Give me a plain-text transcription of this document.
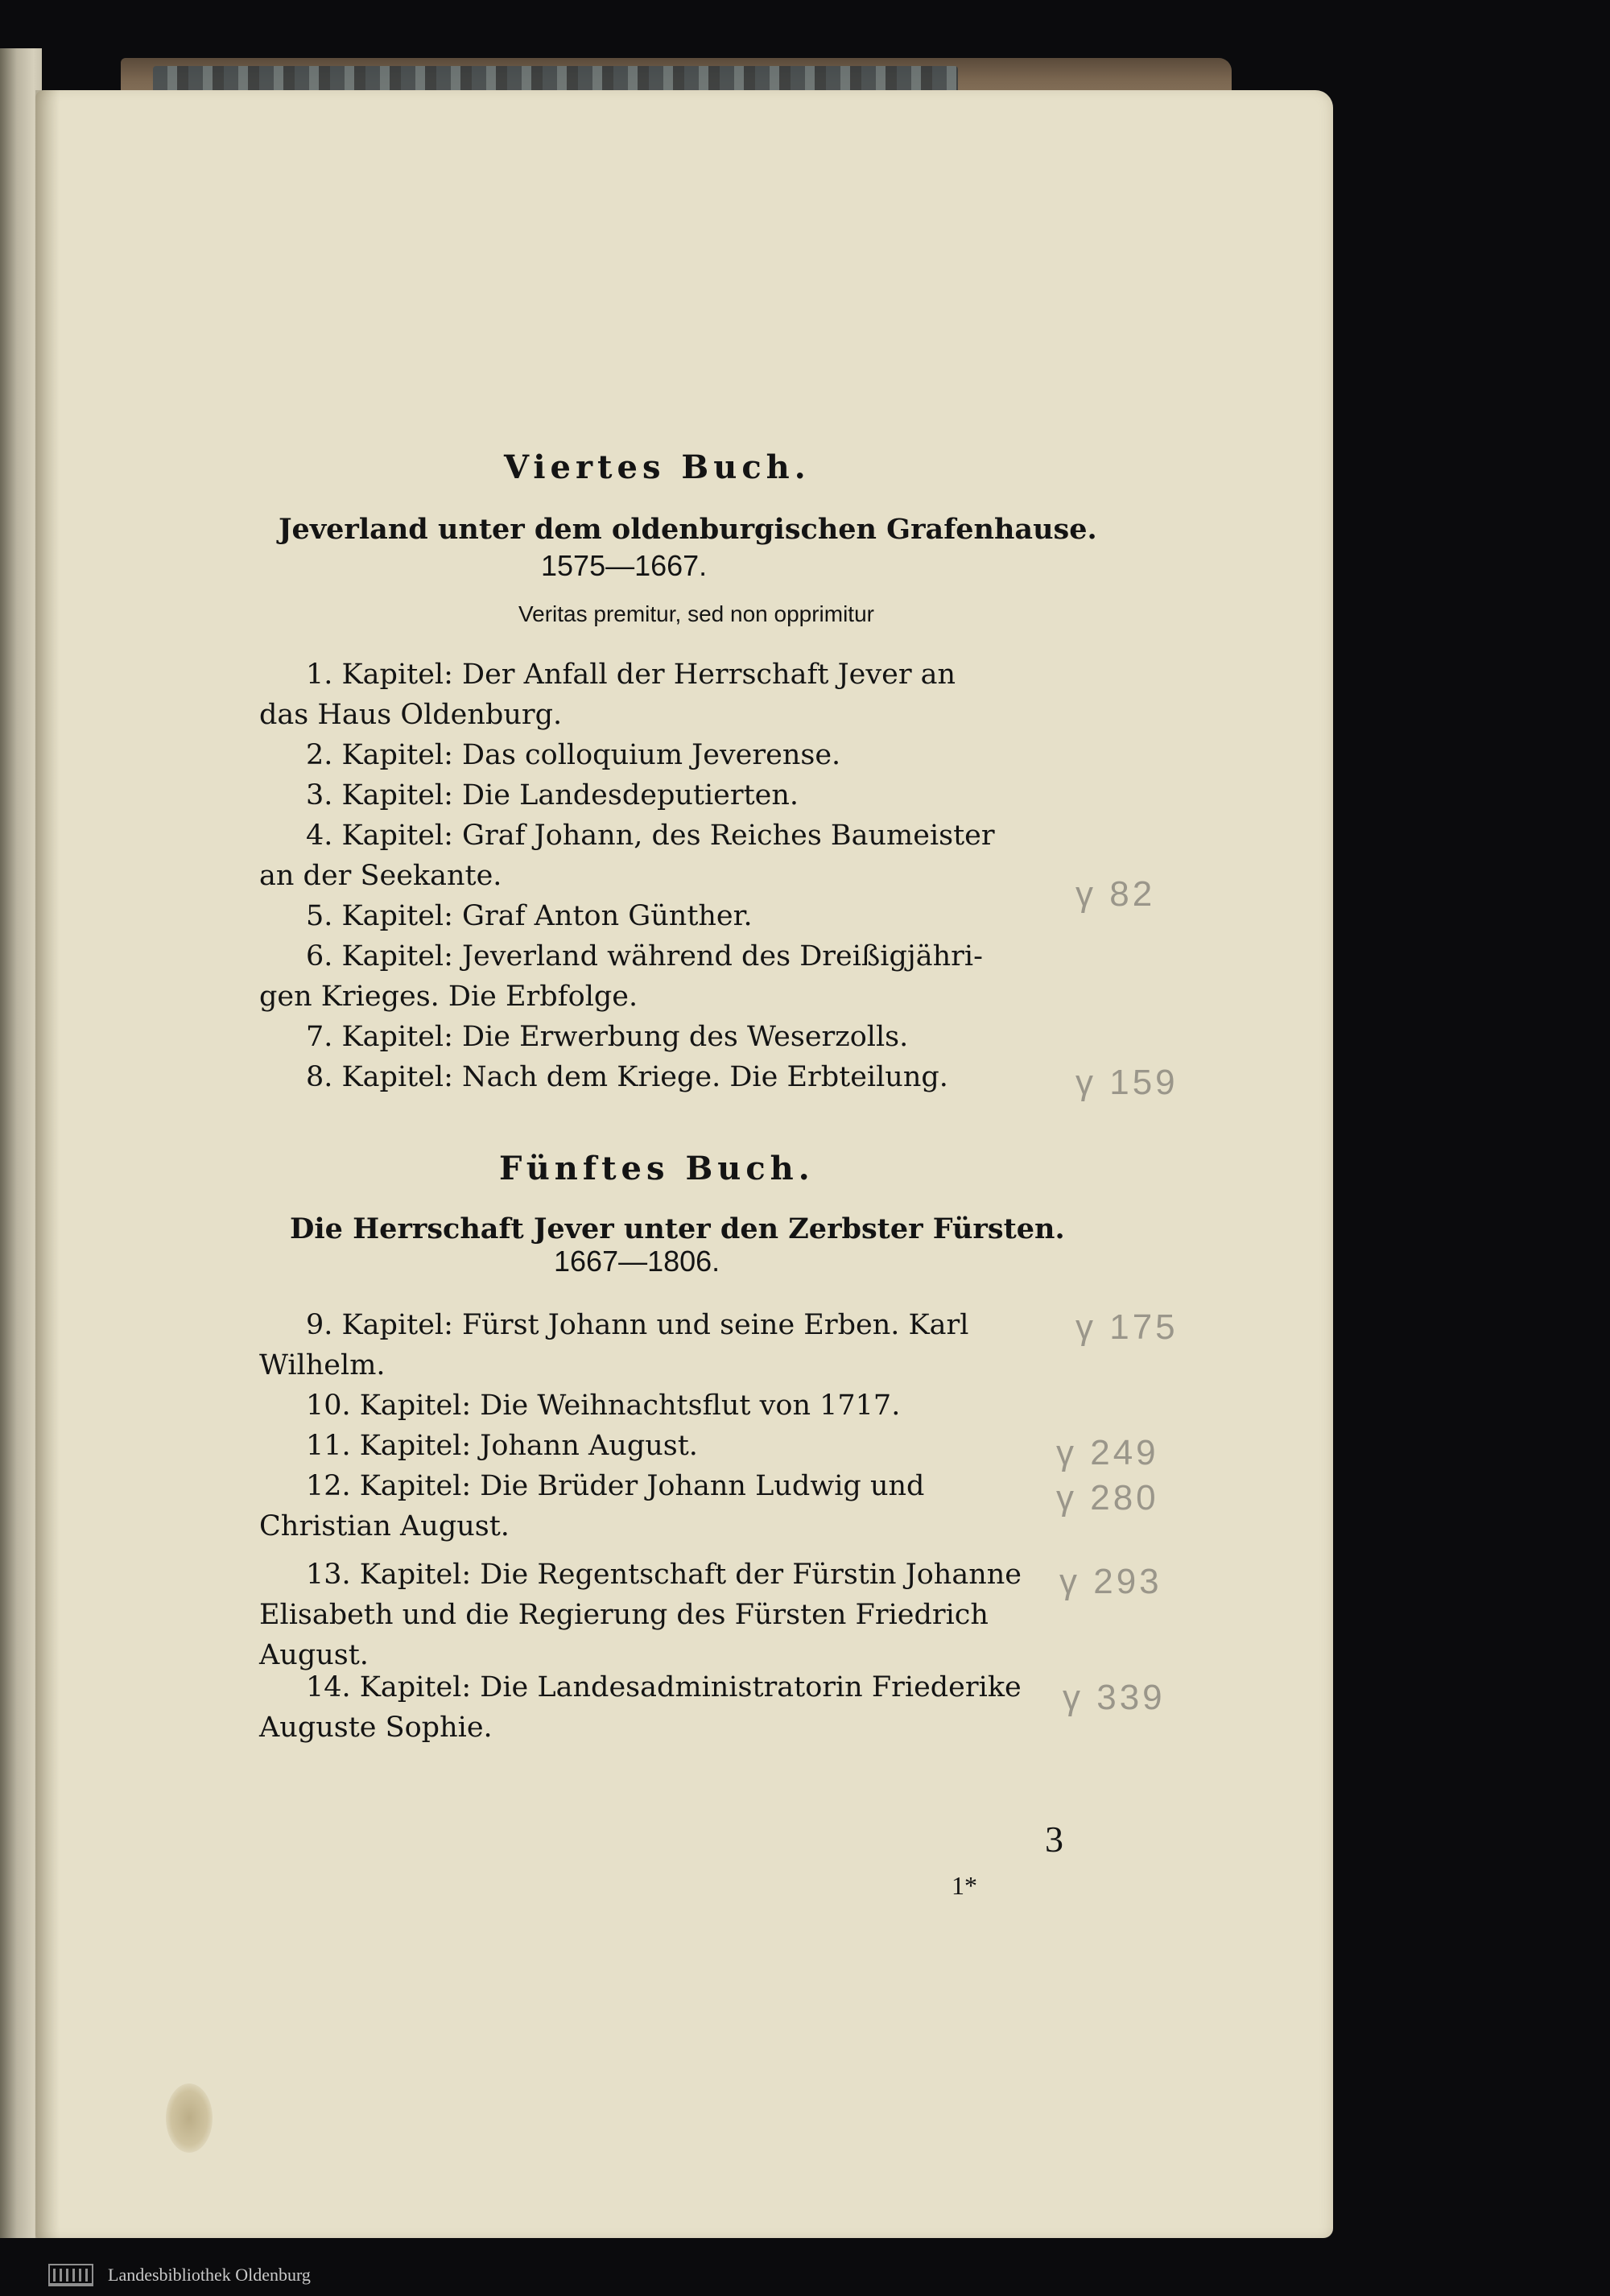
Viertes Buch.
Jeverland unter dem oldenburgischen Grafenhause.
1575—1667.
Veritas premitur, sed non opprimitur
1. Kapitel: Der Anfall der Herrschaft Jever an
das Haus Oldenburg.
2. Kapitel: Das colloquium Jeverense.
3. Kapitel: Die Landesdeputierten.
4. Kapitel: Graf Johann, des Reiches Baumeister
an der Seekante.
5. Kapitel: Graf Anton Günther.
6. Kapitel: Jeverland während des Dreißigjähri-
gen Krieges. Die Erbfolge.
7. Kapitel: Die Erwerbung des Weserzolls.
8. Kapitel: Nach dem Kriege. Die Erbteilung.
Fünftes Buch.
Die Herrschaft Jever unter den Zerbster Fürsten.
1667—1806.
9. Kapitel: Fürst Johann und seine Erben. Karl
Wilhelm.
10. Kapitel: Die Weihnachtsflut von 1717.
11. Kapitel: Johann August.
12. Kapitel: Die Brüder Johann Ludwig und
Christian August.
13. Kapitel: Die Regentschaft der Fürstin Johanne
Elisabeth und die Regierung des Fürsten Friedrich
August.
14. Kapitel: Die Landesadministratorin Friederike
Auguste Sophie.
γ 82
γ 159
γ 175
γ 249
γ 280
γ 293
γ 339
3
1*
Landesbibliothek Oldenburg
